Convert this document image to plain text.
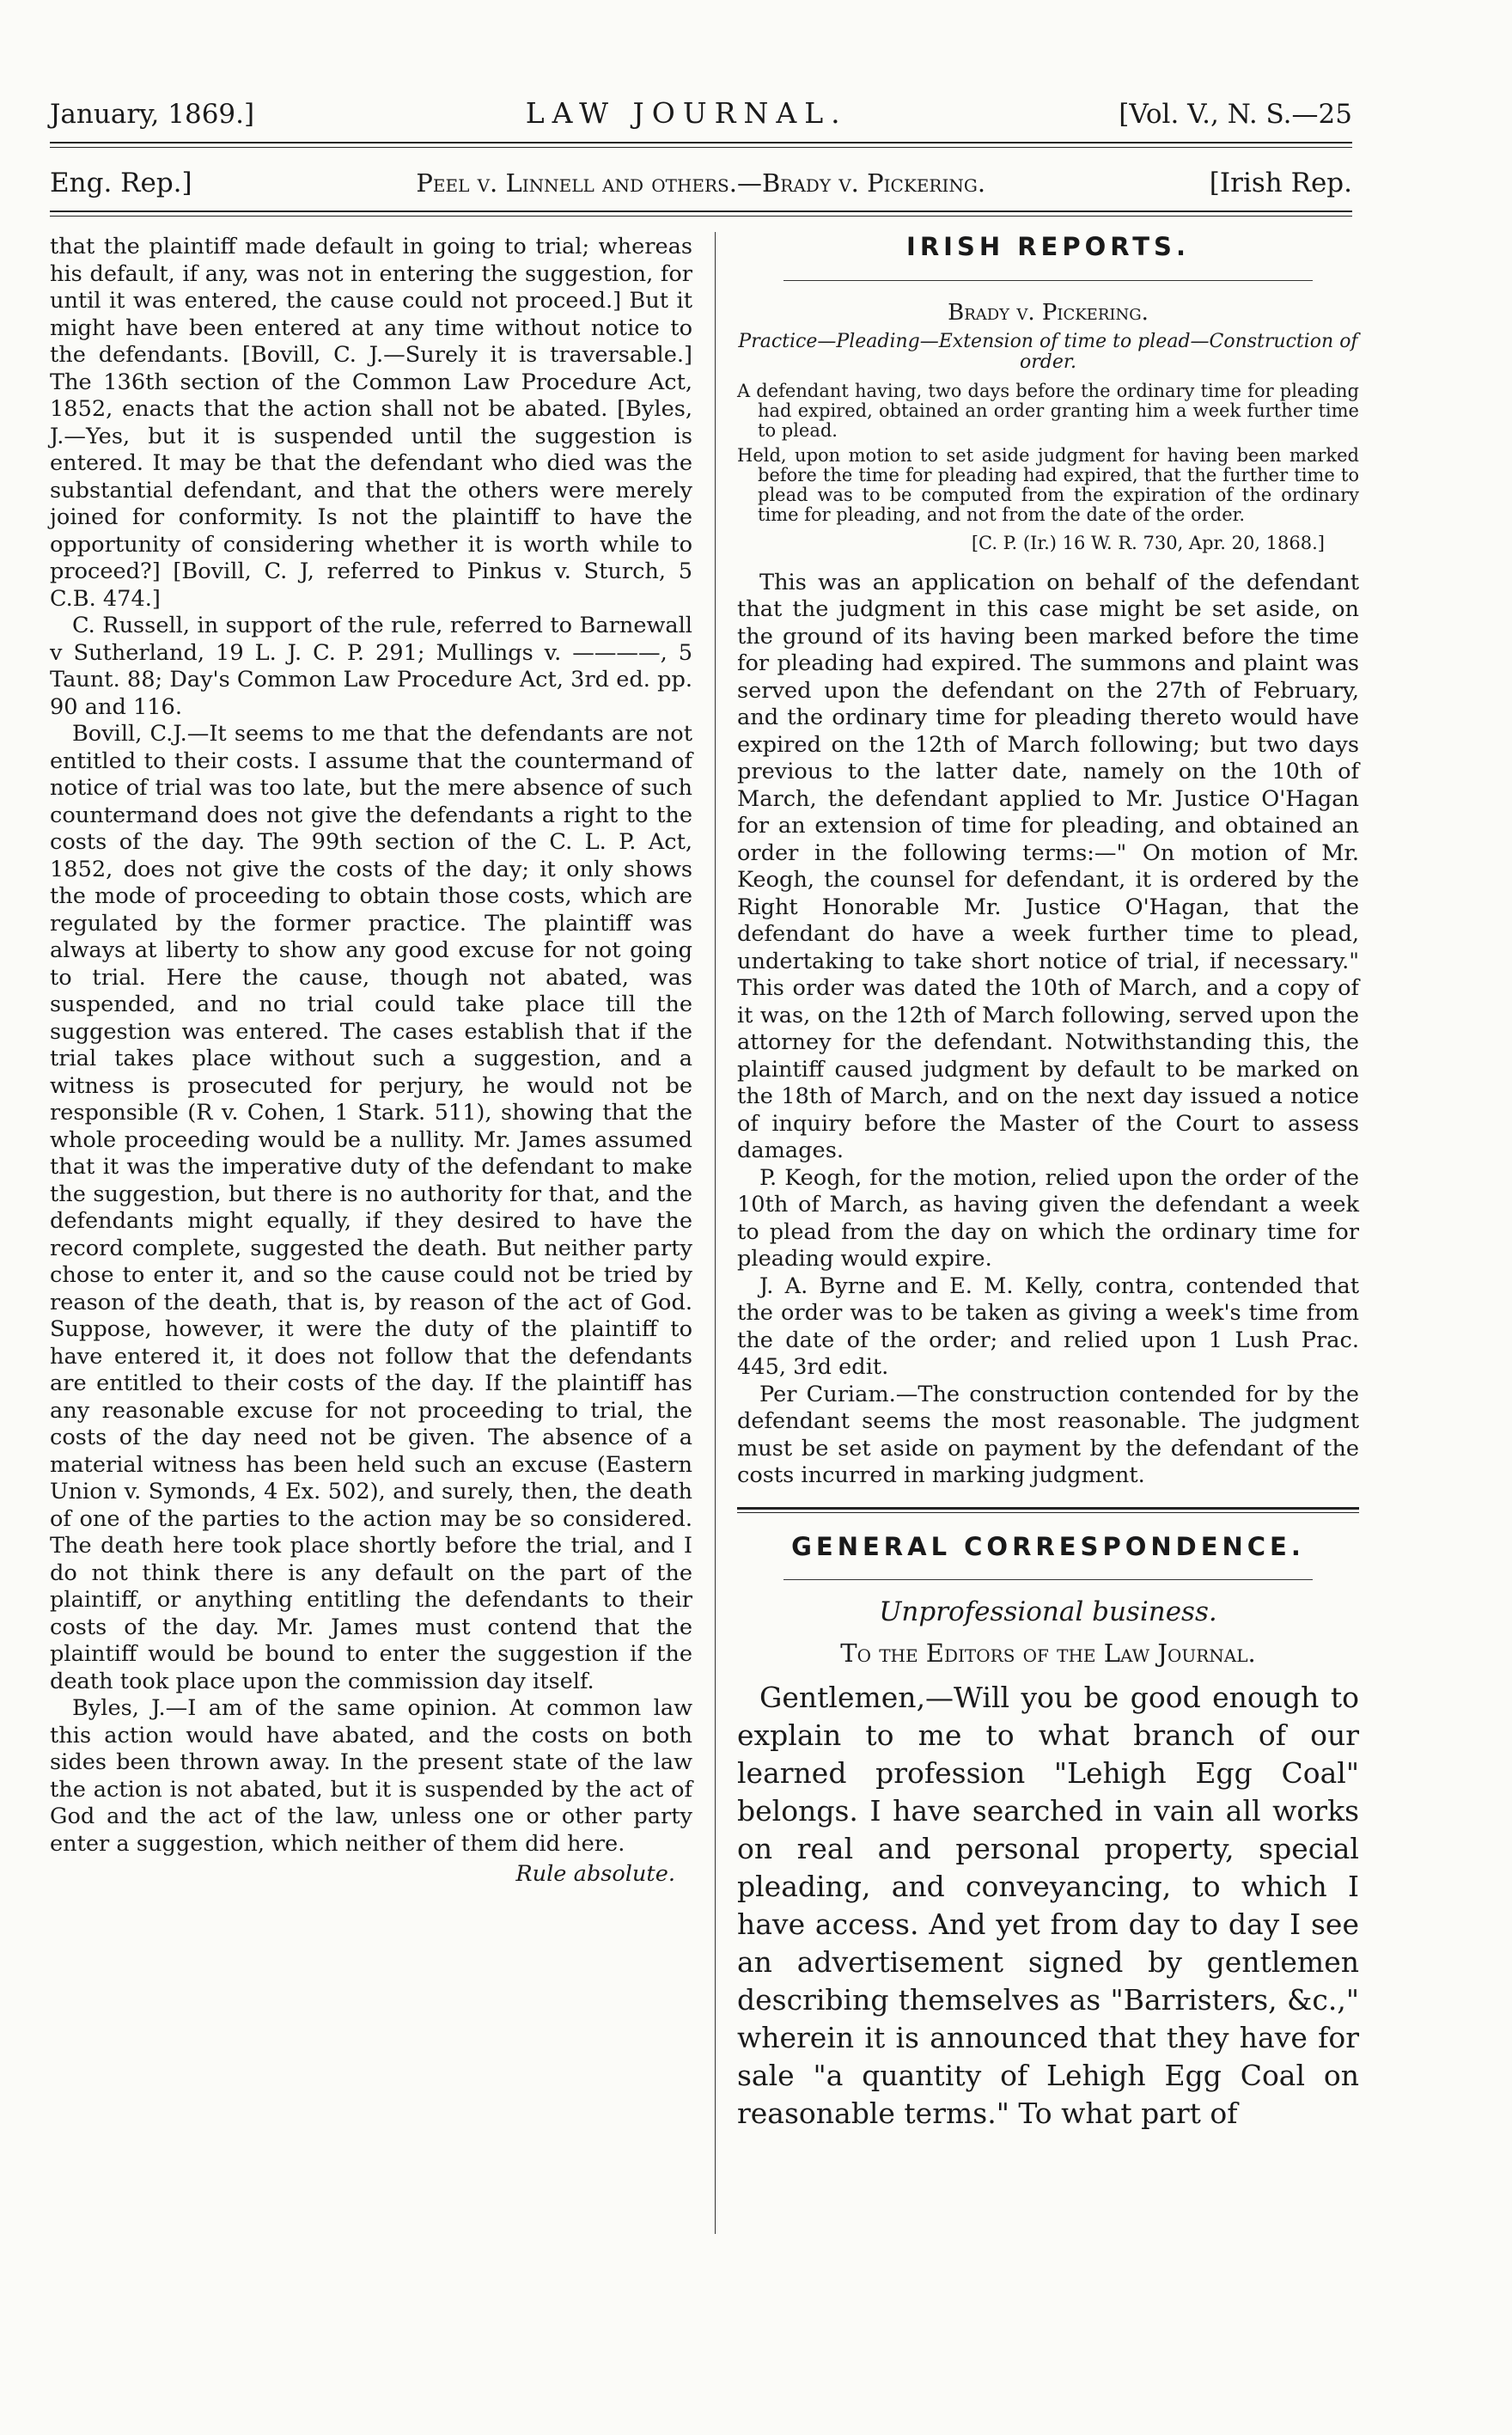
January, 1869.]	LAW JOURNAL.	[Vol. V., N. S.—25
Eng. Rep.]	Peel v. Linnell and others.—Brady v. Pickering.	[Irish Rep.

that the plaintiff made default in going to trial; whereas his default, if any, was not in entering the suggestion, for until it was entered, the cause could not proceed.] But it might have been entered at any time without notice to the defendants. [Bovill, C. J.—Surely it is traversable.] The 136th section of the Common Law Procedure Act, 1852, enacts that the action shall not be abated. [Byles, J.—Yes, but it is suspended until the suggestion is entered. It may be that the defendant who died was the substantial defendant, and that the others were merely joined for conformity. Is not the plaintiff to have the opportunity of considering whether it is worth while to proceed?] [Bovill, C. J, referred to Pinkus v. Sturch, 5 C.B. 474.]

C. Russell, in support of the rule, referred to Barnewall v Sutherland, 19 L. J. C. P. 291; Mullings v. ————, 5 Taunt. 88; Day's Common Law Procedure Act, 3rd ed. pp. 90 and 116.

Bovill, C.J.—It seems to me that the defendants are not entitled to their costs. I assume that the countermand of notice of trial was too late, but the mere absence of such countermand does not give the defendants a right to the costs of the day. The 99th section of the C. L. P. Act, 1852, does not give the costs of the day; it only shows the mode of proceeding to obtain those costs, which are regulated by the former practice. The plaintiff was always at liberty to show any good excuse for not going to trial. Here the cause, though not abated, was suspended, and no trial could take place till the suggestion was entered. The cases establish that if the trial takes place without such a suggestion, and a witness is prosecuted for perjury, he would not be responsible (R v. Cohen, 1 Stark. 511), showing that the whole proceeding would be a nullity. Mr. James assumed that it was the imperative duty of the defendant to make the suggestion, but there is no authority for that, and the defendants might equally, if they desired to have the record complete, suggested the death. But neither party chose to enter it, and so the cause could not be tried by reason of the death, that is, by reason of the act of God. Suppose, however, it were the duty of the plaintiff to have entered it, it does not follow that the defendants are entitled to their costs of the day. If the plaintiff has any reasonable excuse for not proceeding to trial, the costs of the day need not be given. The absence of a material witness has been held such an excuse (Eastern Union v. Symonds, 4 Ex. 502), and surely, then, the death of one of the parties to the action may be so considered. The death here took place shortly before the trial, and I do not think there is any default on the part of the plaintiff, or anything entitling the defendants to their costs of the day. Mr. James must contend that the plaintiff would be bound to enter the suggestion if the death took place upon the commission day itself.

Byles, J.—I am of the same opinion. At common law this action would have abated, and the costs on both sides been thrown away. In the present state of the law the action is not abated, but it is suspended by the act of God and the act of the law, unless one or other party enter a suggestion, which neither of them did here.

Rule absolute.
IRISH REPORTS.
Brady v. Pickering.
Practice—Pleading—Extension of time to plead—Construction of order.
A defendant having, two days before the ordinary time for pleading had expired, obtained an order granting him a week further time to plead.
Held, upon motion to set aside judgment for having been marked before the time for pleading had expired, that the further time to plead was to be computed from the expiration of the ordinary time for pleading, and not from the date of the order.
[C. P. (Ir.) 16 W. R. 730, Apr. 20, 1868.]

This was an application on behalf of the defendant that the judgment in this case might be set aside, on the ground of its having been marked before the time for pleading had expired. The summons and plaint was served upon the defendant on the 27th of February, and the ordinary time for pleading thereto would have expired on the 12th of March following; but two days previous to the latter date, namely on the 10th of March, the defendant applied to Mr. Justice O'Hagan for an extension of time for pleading, and obtained an order in the following terms:—" On motion of Mr. Keogh, the counsel for defendant, it is ordered by the Right Honorable Mr. Justice O'Hagan, that the defendant do have a week further time to plead, undertaking to take short notice of trial, if necessary." This order was dated the 10th of March, and a copy of it was, on the 12th of March following, served upon the attorney for the defendant. Notwithstanding this, the plaintiff caused judgment by default to be marked on the 18th of March, and on the next day issued a notice of inquiry before the Master of the Court to assess damages.

P. Keogh, for the motion, relied upon the order of the 10th of March, as having given the defendant a week to plead from the day on which the ordinary time for pleading would expire.

J. A. Byrne and E. M. Kelly, contra, contended that the order was to be taken as giving a week's time from the date of the order; and relied upon 1 Lush Prac. 445, 3rd edit.

Per Curiam.—The construction contended for by the defendant seems the most reasonable. The judgment must be set aside on payment by the defendant of the costs incurred in marking judgment.

GENERAL CORRESPONDENCE.
Unprofessional business.
To the Editors of the Law Journal.

Gentlemen,—Will you be good enough to explain to me to what branch of our learned profession "Lehigh Egg Coal" belongs. I have searched in vain all works on real and personal property, special pleading, and conveyancing, to which I have access. And yet from day to day I see an advertisement signed by gentlemen describing themselves as "Barristers, &c.," wherein it is announced that they have for sale "a quantity of Lehigh Egg Coal on reasonable terms." To what part of
